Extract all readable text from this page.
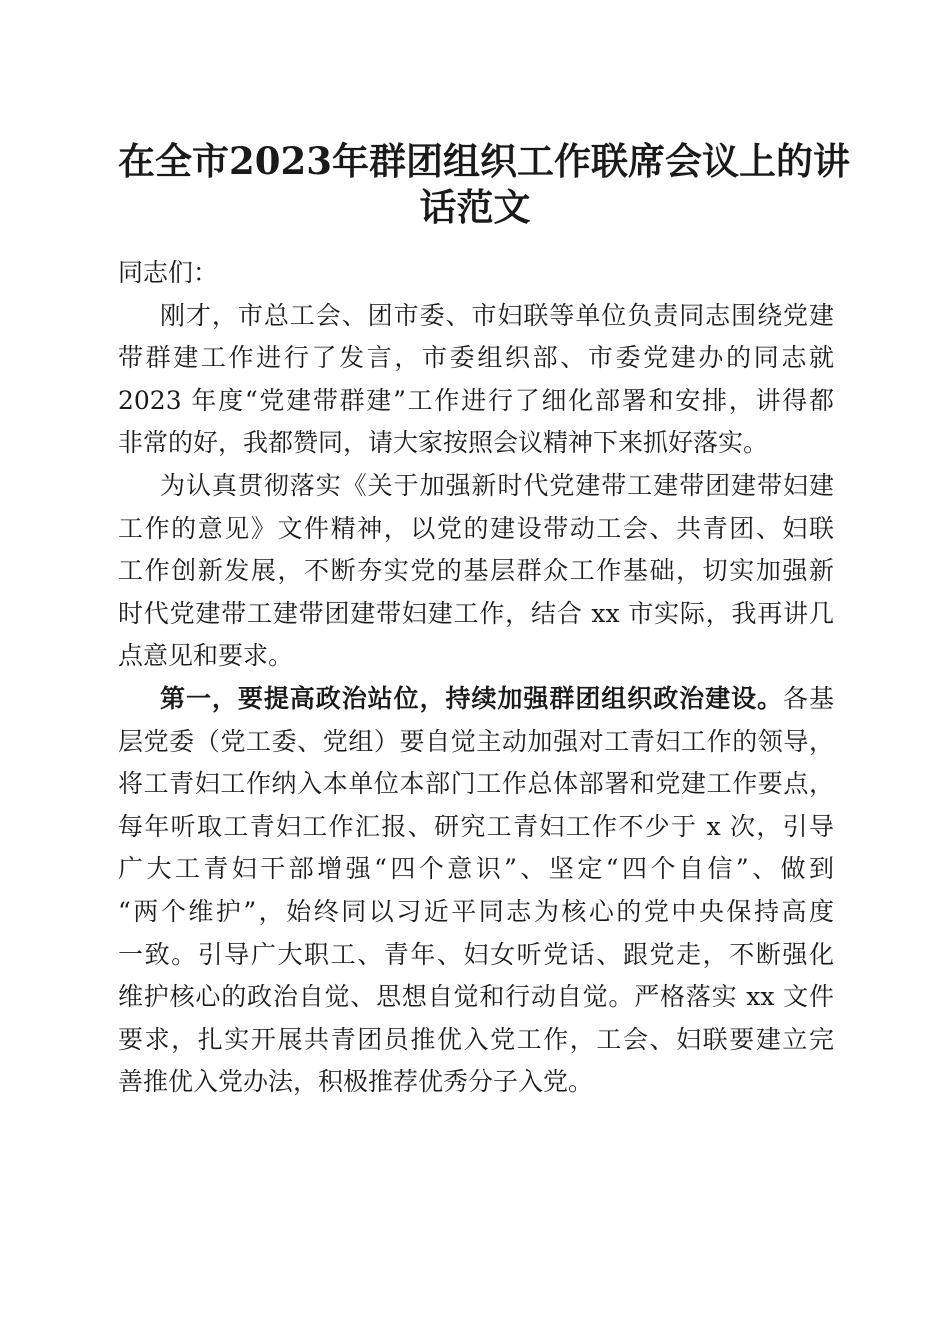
在全市2023年群团组织工作联席会议上的讲
话范文
同志们：
刚才，市总工会、团市委、市妇联等单位负责同志围绕党建
带群建工作进行了发言，市委组织部、市委党建办的同志就
2023 年度“党建带群建”工作进行了细化部署和安排，讲得都
非常的好，我都赞同，请大家按照会议精神下来抓好落实。
为认真贯彻落实《关于加强新时代党建带工建带团建带妇建
工作的意见》文件精神，以党的建设带动工会、共青团、妇联
工作创新发展，不断夯实党的基层群众工作基础，切实加强新
时代党建带工建带团建带妇建工作，结合 xx 市实际，我再讲几
点意见和要求。
第一，要提高政治站位，持续加强群团组织政治建设。各基
层党委（党工委、党组）要自觉主动加强对工青妇工作的领导，
将工青妇工作纳入本单位本部门工作总体部署和党建工作要点，
每年听取工青妇工作汇报、研究工青妇工作不少于 x 次，引导
广大工青妇干部增强“四个意识”、坚定“四个自信”、做到
“两个维护”，始终同以习近平同志为核心的党中央保持高度
一致。引导广大职工、青年、妇女听党话、跟党走，不断强化
维护核心的政治自觉、思想自觉和行动自觉。严格落实 xx 文件
要求，扎实开展共青团员推优入党工作，工会、妇联要建立完
善推优入党办法，积极推荐优秀分子入党。
